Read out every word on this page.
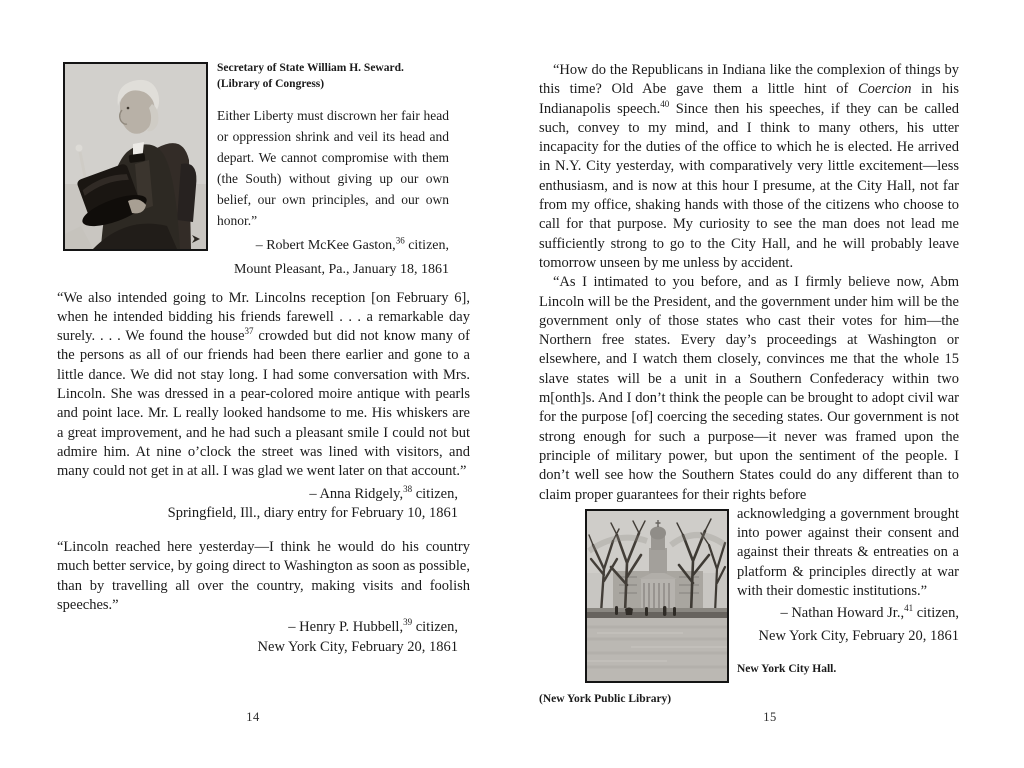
Secretary of State William H. Seward.

(Library of Congress)

Either Liberty must discrown her fair head or oppression shrink and veil its head and depart. We cannot compromise with them (the South) without giving up our own belief, our own principles, and our own honor.”

– Robert McKee Gaston,$^{36}$ citizen,

Mount Pleasant, Pa., January 18, 1861

“We also intended going to Mr. Lincolns reception [on February 6], when he intended bidding his friends farewell . . . a remarkable day surely. . . . We found the house$^{37}$ crowded but did not know many of the persons as all of our friends had been there earlier and gone to a little dance. We did not stay long. I had some conversation with Mrs. Lincoln. She was dressed in a pear-colored moire antique with pearls and point lace. Mr. L really looked handsome to me. His whiskers are a great improvement, and he had such a pleasant smile I could not but admire him. At nine o’clock the street was lined with visitors, and many could not get in at all. I was glad we went later on that account.”

– Anna Ridgely,$^{38}$ citizen,

Springfield, Ill., diary entry for February 10, 1861

“Lincoln reached here yesterday—I think he would do his country much better service, by going direct to Washington as soon as possible, than by travelling all over the country, making visits and foolish speeches.”

– Henry P. Hubbell,$^{39}$ citizen,

New York City, February 20, 1861

“How do the Republicans in Indiana like the complexion of things by this time? Old Abe gave them a little hint of Coercion in his Indianapolis speech.$^{40}$ Since then his speeches, if they can be called such, convey to my mind, and I think to many others, his utter incapacity for the duties of the office to which he is elected. He arrived in N.Y. City yesterday, with comparatively very little excitement—less enthusiasm, and is now at this hour I presume, at the City Hall, not far from my office, shaking hands with those of the citizens who choose to call for that purpose. My curiosity to see the man does not lead me sufficiently strong to go to the City Hall, and he will probably leave tomorrow unseen by me unless by accident.

“As I intimated to you before, and as I firmly believe now, Abm Lincoln will be the President, and the government under him will be the government only of those states who cast their votes for him—the Northern free states. Every day’s proceedings at Washington or elsewhere, and I watch them closely, convinces me that the whole 15 slave states will be a unit in a Southern Confederacy within two m[onth]s. And I don’t think the people can be brought to adopt civil war for the purpose [of] coercing the seceding states. Our government is not strong enough for such a purpose—it never was framed upon the principle of military power, but upon the sentiment of the people. I don’t well see how the Southern States could do any different than to claim proper guarantees for their rights before

acknowledging a government brought into power against their consent and against their threats & entreaties on a platform & principles directly at war with their domestic institutions.”

– Nathan Howard Jr.,$^{41}$ citizen,

New York City, February 20, 1861

New York City Hall.

(New York Public Library)

14	15
